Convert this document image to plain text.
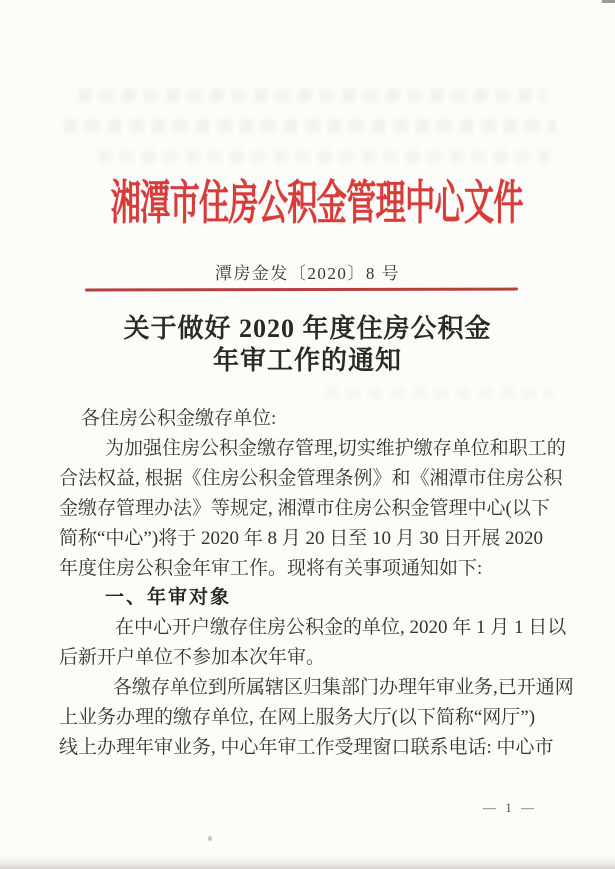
湘潭市住房公积金管理中心文件
潭房金发〔2020〕8 号
关于做好 2020 年度住房公积金
年审工作的通知
各住房公积金缴存单位:
为加强住房公积金缴存管理,切实维护缴存单位和职工的
合法权益, 根据《住房公积金管理条例》和《湘潭市住房公积
金缴存管理办法》等规定, 湘潭市住房公积金管理中心(以下
简称“中心”)将于 2020 年 8 月 20 日至 10 月 30 日开展 2020
年度住房公积金年审工作。现将有关事项通知如下:
一、年审对象
在中心开户缴存住房公积金的单位, 2020 年 1 月 1 日以
后新开户单位不参加本次年审。
各缴存单位到所属辖区归集部门办理年审业务,已开通网
上业务办理的缴存单位, 在网上服务大厅(以下简称“网厅”)
线上办理年审业务, 中心年审工作受理窗口联系电话: 中心市
— 1 —
